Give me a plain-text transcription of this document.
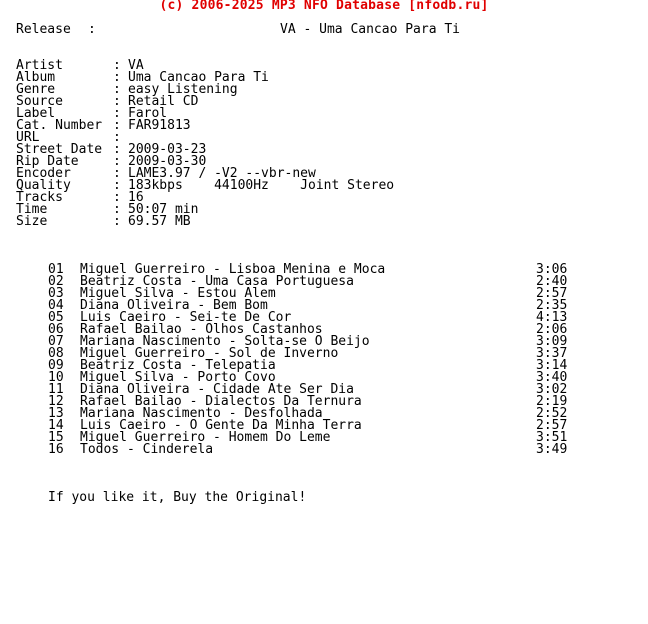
(c) 2006-2025 MP3 NFO Database [nfodb.ru]
Release :	VA - Uma Cancao Para Ti
Artist	: VA
Album	: Uma Cancao Para Ti
Genre	: easy Listening
Source	: Retail CD
Label	: Farol
Cat. Number : FAR91813
URL	:
Street Date : 2009-03-23
Rip Date	: 2009-03-30
Encoder	: LAME3.97 / -V2 --vbr-new
Quality	: 183kbps    44100Hz    Joint Stereo
Tracks	: 16
Time	: 50:07 min
Size	: 69.57 MB
01 Miguel Guerreiro - Lisboa Menina e Moca	3:06
02 Beatriz Costa - Uma Casa Portuguesa	2:40
03 Miguel Silva - Estou Alem	2:57
04 Diana Oliveira - Bem Bom	2:35
05 Luis Caeiro - Sei-te De Cor	4:13
06 Rafael Bailao - Olhos Castanhos	2:06
07 Mariana Nascimento - Solta-se O Beijo	3:09
08 Miguel Guerreiro - Sol de Inverno	3:37
09 Beatriz Costa - Telepatia	3:14
10 Miguel Silva - Porto Covo	3:40
11 Diana Oliveira - Cidade Ate Ser Dia	3:02
12 Rafael Bailao - Dialectos Da Ternura	2:19
13 Mariana Nascimento - Desfolhada	2:52
14 Luis Caeiro - O Gente Da Minha Terra	2:57
15 Miguel Guerreiro - Homem Do Leme	3:51
16 Todos - Cinderela	3:49
If you like it, Buy the Original!
